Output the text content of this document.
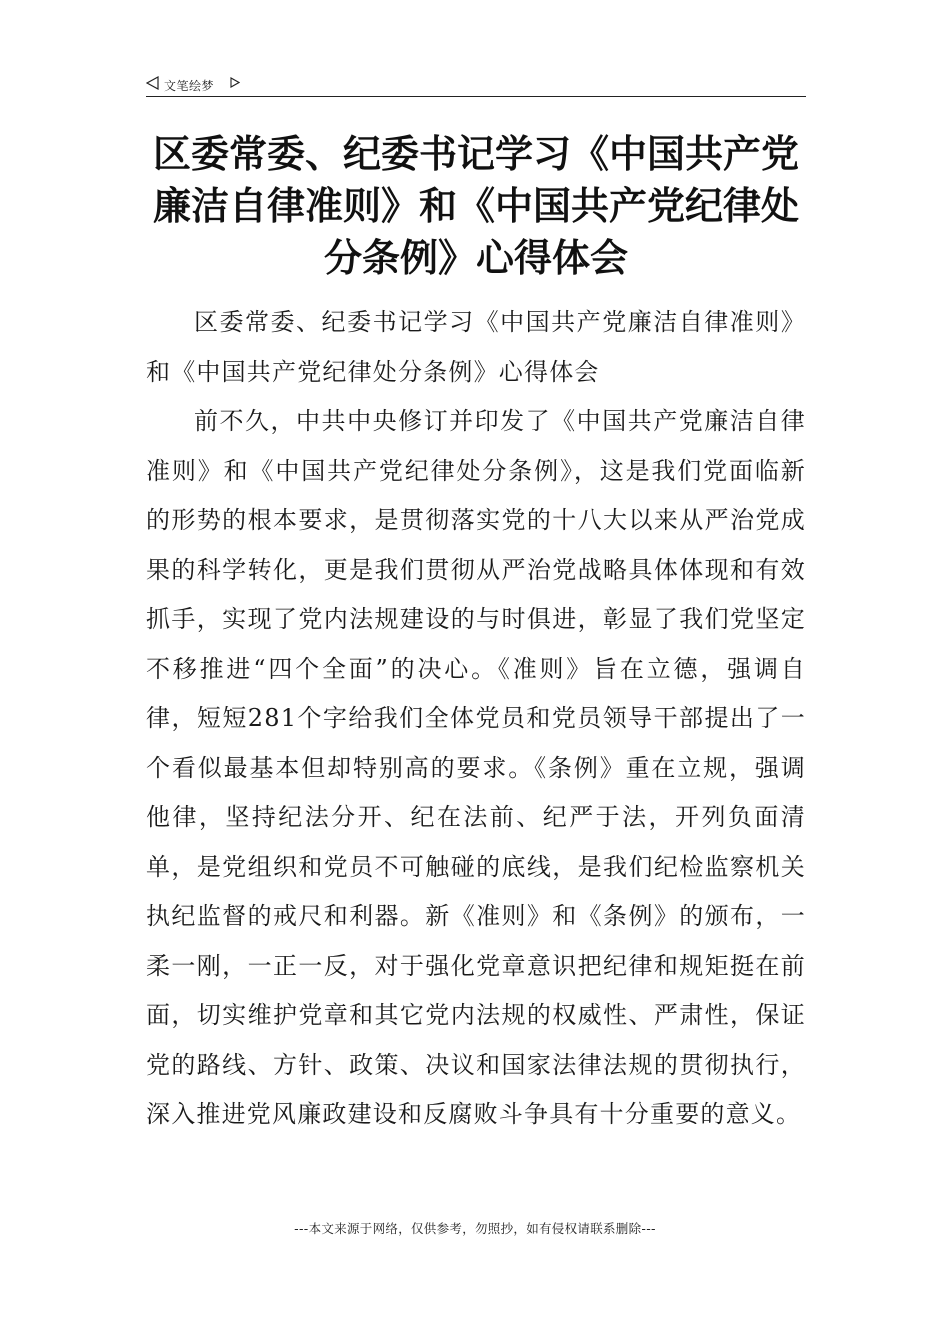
文笔绘梦
区委常委、纪委书记学习《中国共产党廉洁自律准则》和《中国共产党纪律处分条例》心得体会

区委常委、纪委书记学习《中国共产党廉洁自律准则》和《中国共产党纪律处分条例》心得体会

前不久，中共中央修订并印发了《中国共产党廉洁自律准则》和《中国共产党纪律处分条例》，这是我们党面临新的形势的根本要求，是贯彻落实党的十八大以来从严治党成果的科学转化，更是我们贯彻从严治党战略具体体现和有效抓手，实现了党内法规建设的与时俱进，彰显了我们党坚定不移推进“四个全面”的决心。《准则》旨在立德，强调自律，短短281个字给我们全体党员和党员领导干部提出了一个看似最基本但却特别高的要求。《条例》重在立规，强调他律，坚持纪法分开、纪在法前、纪严于法，开列负面清单，是党组织和党员不可触碰的底线，是我们纪检监察机关执纪监督的戒尺和利器。新《准则》和《条例》的颁布，一柔一刚，一正一反，对于强化党章意识把纪律和规矩挺在前面，切实维护党章和其它党内法规的权威性、严肃性，保证党的路线、方针、政策、决议和国家法律法规的贯彻执行，深入推进党风廉政建设和反腐败斗争具有十分重要的意义。

---本文来源于网络，仅供参考，勿照抄，如有侵权请联系删除---
